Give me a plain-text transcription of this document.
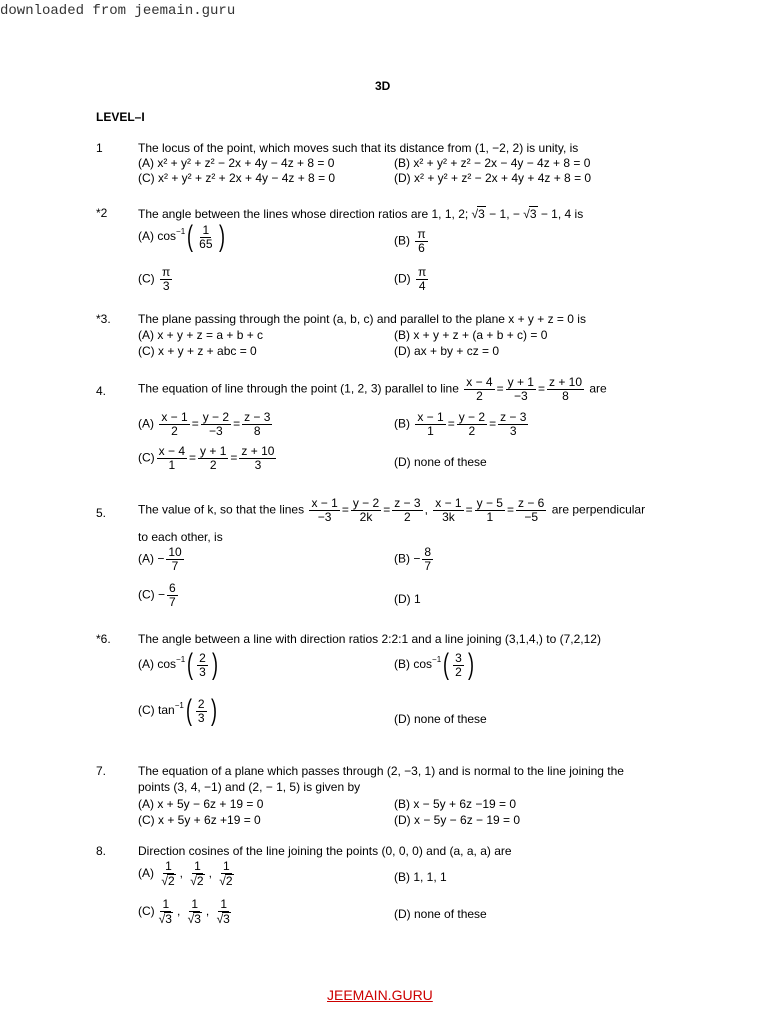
downloaded from jeemain.guru
3D
LEVEL–I
1	The locus of the point, which moves such that its distance from (1, −2, 2) is unity, is
(A) x² + y² + z² − 2x + 4y − 4z + 8 = 0	(B) x² + y² + z² − 2x − 4y − 4z + 8 = 0
(C) x² + y² + z² + 2x + 4y − 4z + 8 = 0	(D) x² + y² + z² − 2x + 4y + 4z + 8 = 0
*2	The angle between the lines whose direction ratios are 1, 1, 2; √3 − 1, − √3 − 1, 4 is
(A) $\cos^{-1}( \frac{1}{65}$ )	$(B) \frac{\pi}{6}$
$(C) \frac{\pi}{3}$	$(D) \frac{\pi}{4}$
*3. The plane passing through the point (a, b, c) and parallel to the plane x + y + z = 0 is
(A) x + y + z = a + b + c	(B) x + y + z + (a + b + c) = 0
(C) x + y + z + abc = 0	(D) ax + by + cz = 0
4.	The equation of line through the point (1, 2, 3) parallel to line $\frac{x - 4}{2} = \frac{y + 1}{-3} = \frac{z + 10}{8}$ are
$(A) \frac{x - 1}{2} = \frac{y - 2}{-3} = \frac{z - 3}{8}$	$(B) \frac{x - 1}{1} = \frac{y - 2}{2} = \frac{z - 3}{3}$
$(C) \frac{x - 4}{1} = \frac{y + 1}{2} = \frac{z + 10}{3}$	(D) none of these
5.	The value of k, so that the lines $\frac{x - 1}{-3} = \frac{y - 2}{2k} = \frac{z - 3}{2}$ , $\frac{x - 1}{3k} = \frac{y - 5}{1} = \frac{z - 6}{-5}$ are perpendicular
to each other, is
$(A) - \frac{10}{7}$	$(B) - \frac{8}{7}$
$(C) - \frac{6}{7}$	(D) 1
*6. The angle between a line with direction ratios 2:2:1 and a line joining (3,1,4,) to (7,2,12)
(A) $\cos^{-1}( \frac{2}{3}$ )	(B) $\cos^{-1}( \frac{3}{2}$ )
(C) $\tan^{-1}( \frac{2}{3}$ )	(D) none of these
7.	The equation of a plane which passes through (2, −3, 1) and is normal to the line joining the
points (3, 4, −1) and (2, − 1, 5) is given by
(A) x + 5y − 6z + 19 = 0	(B) x − 5y + 6z −19 = 0
(C) x + 5y + 6z +19 = 0	(D) x − 5y − 6z − 19 = 0
8.	Direction cosines of the line joining the points (0, 0, 0) and (a, a, a) are
$(A) \frac{1}{√2}$ , $\frac{1}{√2}$ , $\frac{1}{√2}$	(B) 1, 1, 1
$(C) \frac{1}{√3}$ , $\frac{1}{√3}$ , $\frac{1}{√3}$	(D) none of these
JEEMAIN.GURU
